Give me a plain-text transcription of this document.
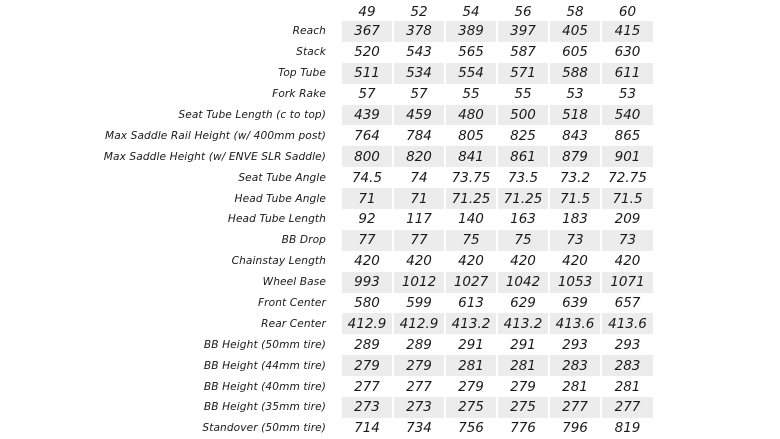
	49	52	54	56	58	60	
Reach	367	378	389	397	405	415	
Stack	520	543	565	587	605	630	
Top Tube	511	534	554	571	588	611	
Fork Rake	57	57	55	55	53	53	
Seat Tube Length (c to top)	439	459	480	500	518	540	
Max Saddle Rail Height (w/ 400mm post)	764	784	805	825	843	865	
Max Saddle Height (w/ ENVE SLR Saddle)	800	820	841	861	879	901	
Seat Tube Angle	74.5	74	73.75	73.5	73.2	72.75	
Head Tube Angle	71	71	71.25	71.25	71.5	71.5	
Head Tube Length	92	117	140	163	183	209	
BB Drop	77	77	75	75	73	73	
Chainstay Length	420	420	420	420	420	420	
Wheel Base	993	1012	1027	1042	1053	1071	
Front Center	580	599	613	629	639	657	
Rear Center	412.9	412.9	413.2	413.2	413.6	413.6	
BB Height (50mm tire)	289	289	291	291	293	293	
BB Height (44mm tire)	279	279	281	281	283	283	
BB Height (40mm tire)	277	277	279	279	281	281	
BB Height (35mm tire)	273	273	275	275	277	277	
Standover (50mm tire)	714	734	756	776	796	819	
